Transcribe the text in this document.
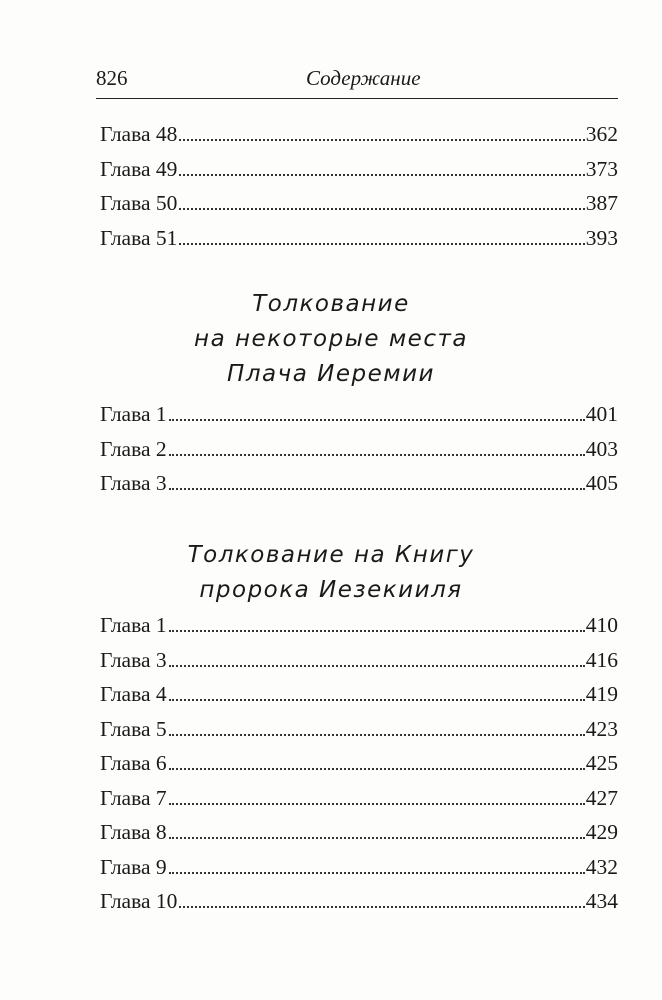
826	Содержание
Глава 48	362
Глава 49	373
Глава 50	387
Глава 51	393
Толкование
на некоторые места
Плача Иеремии
Глава 1	401
Глава 2	403
Глава 3	405
Толкование на Книгу
пророка Иезекииля
Глава 1	410
Глава 3	416
Глава 4	419
Глава 5	423
Глава 6	425
Глава 7	427
Глава 8	429
Глава 9	432
Глава 10	434
